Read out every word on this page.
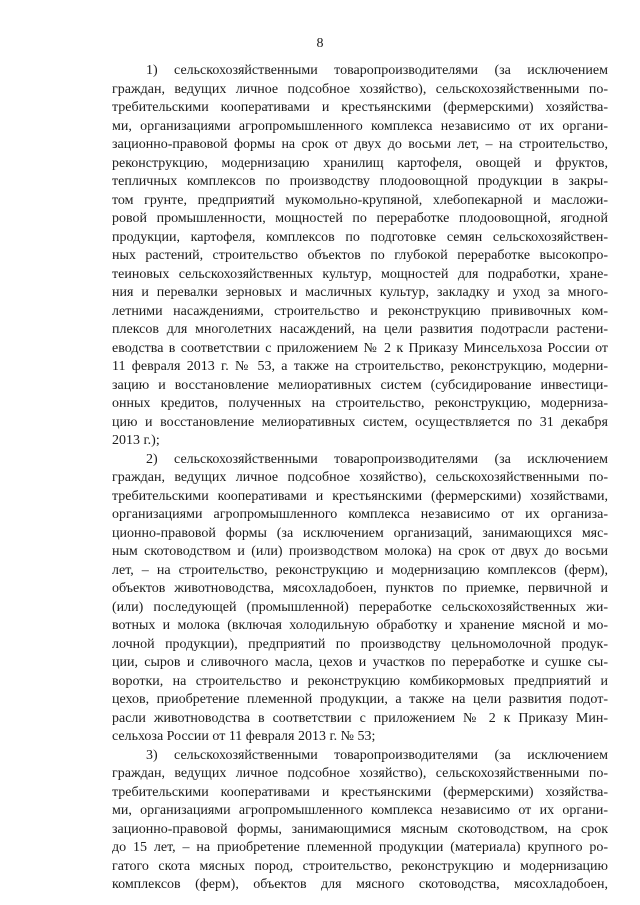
8

1) сельскохозяйственными товаропроизводителями (за исключением
граждан, ведущих личное подсобное хозяйство), сельскохозяйственными по-
требительскими кооперативами и крестьянскими (фермерскими) хозяйства-
ми, организациями агропромышленного комплекса независимо от их органи-
зационно-правовой формы на срок от двух до восьми лет, – на строительство,
реконструкцию, модернизацию хранилищ картофеля, овощей и фруктов,
тепличных комплексов по производству плодоовощной продукции в закры-
том грунте, предприятий мукомольно-крупяной, хлебопекарной и масложи-
ровой промышленности, мощностей по переработке плодоовощной, ягодной
продукции, картофеля, комплексов по подготовке семян сельскохозяйствен-
ных растений, строительство объектов по глубокой переработке высокопро-
теиновых сельскохозяйственных культур, мощностей для подработки, хране-
ния и перевалки зерновых и масличных культур, закладку и уход за много-
летними насаждениями, строительство и реконструкцию прививочных ком-
плексов для многолетних насаждений, на цели развития подотрасли растени-
еводства в соответствии с приложением № 2 к Приказу Минсельхоза России от
11 февраля 2013 г. № 53, а также на строительство, реконструкцию, модерни-
зацию и восстановление мелиоративных систем (субсидирование инвестици-
онных кредитов, полученных на строительство, реконструкцию, модерниза-
цию и восстановление мелиоративных систем, осуществляется по 31 декабря
2013 г.);

2) сельскохозяйственными товаропроизводителями (за исключением
граждан, ведущих личное подсобное хозяйство), сельскохозяйственными по-
требительскими кооперативами и крестьянскими (фермерскими) хозяйствами,
организациями агропромышленного комплекса независимо от их организа-
ционно-правовой формы (за исключением организаций, занимающихся мяс-
ным скотоводством и (или) производством молока) на срок от двух до восьми
лет, – на строительство, реконструкцию и модернизацию комплексов (ферм),
объектов животноводства, мясохладобоен, пунктов по приемке, первичной и
(или) последующей (промышленной) переработке сельскохозяйственных жи-
вотных и молока (включая холодильную обработку и хранение мясной и мо-
лочной продукции), предприятий по производству цельномолочной продук-
ции, сыров и сливочного масла, цехов и участков по переработке и сушке сы-
воротки, на строительство и реконструкцию комбикормовых предприятий и
цехов, приобретение племенной продукции, а также на цели развития подот-
расли животноводства в соответствии с приложением № 2 к Приказу Мин-
сельхоза России от 11 февраля 2013 г. № 53;

3) сельскохозяйственными товаропроизводителями (за исключением
граждан, ведущих личное подсобное хозяйство), сельскохозяйственными по-
требительскими кооперативами и крестьянскими (фермерскими) хозяйства-
ми, организациями агропромышленного комплекса независимо от их органи-
зационно-правовой формы, занимающимися мясным скотоводством, на срок
до 15 лет, – на приобретение племенной продукции (материала) крупного ро-
гатого скота мясных пород, строительство, реконструкцию и модернизацию
комплексов (ферм), объектов для мясного скотоводства, мясохладобоен,
